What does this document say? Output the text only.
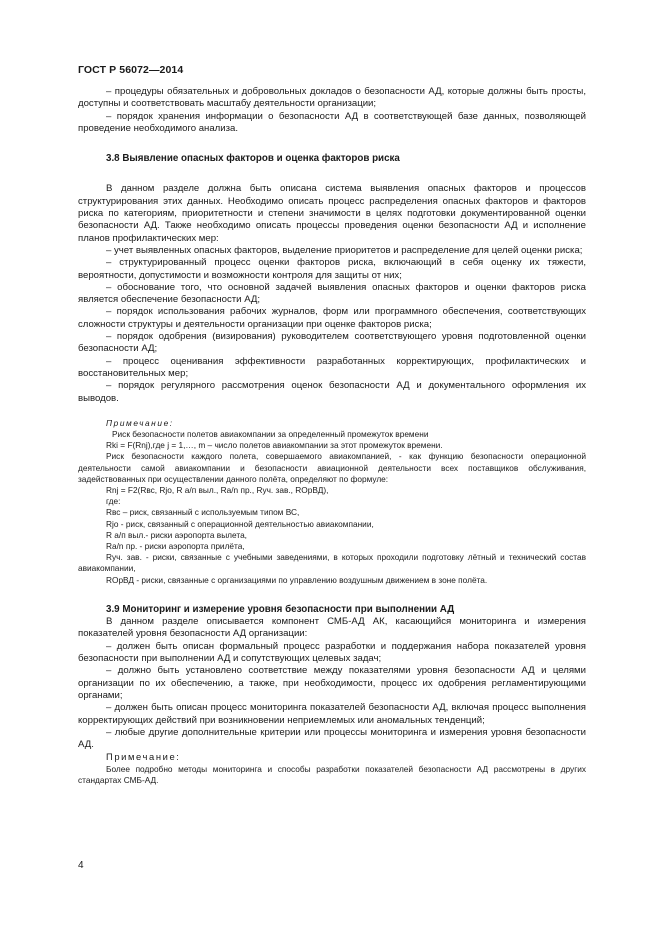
ГОСТ Р 56072—2014

– процедуры обязательных и добровольных докладов о безопасности АД, которые должны быть просты, доступны и соответствовать масштабу деятельности организации;

– порядок хранения информации о безопасности АД в соответствующей базе данных, позволяющей проведение необходимого анализа.

3.8 Выявление опасных факторов и оценка факторов риска

В данном разделе должна быть описана система выявления опасных факторов и процессов структурирования этих данных. Необходимо описать процесс распределения опасных факторов и факторов риска по категориям, приоритетности и степени значимости в целях подготовки документированной оценки безопасности АД. Также необходимо описать процессы проведения оценки безопасности АД и исполнение планов профилактических мер:

– учет выявленных опасных факторов, выделение приоритетов и распределение для целей оценки риска;

– структурированный процесс оценки факторов риска, включающий в себя оценку их тяжести, вероятности, допустимости и возможности контроля для защиты от них;

– обоснование того, что основной задачей выявления опасных факторов и оценки факторов риска является обеспечение безопасности АД;

– порядок использования рабочих журналов, форм или программного обеспечения, соответствующих сложности структуры и деятельности организации при оценке факторов риска;

– порядок одобрения (визирования) руководителем соответствующего уровня подготовленной оценки безопасности АД;

– процесс оценивания эффективности разработанных корректирующих, профилактических и восстановительных мер;

– порядок регулярного рассмотрения оценок безопасности АД и документального оформления их выводов.

Примечание:

Риск безопасности полетов авиакомпании за определенный промежуток времени

Rki = F(Rnj),где j = 1,…, m – число полетов авиакомпании за этот промежуток времени.

Риск безопасности каждого полета, совершаемого авиакомпанией, - как функцию безопасности операционной деятельности самой авиакомпании и безопасности авиационной деятельности всех поставщиков обслуживания, задействованных при осуществлении данного полёта, определяют по формуле:

Rnj = F2(Rвс, Rjo, R а/п выл., Ra/n пр., Rуч. зав., ROрВД),

где:

Rвс – риск, связанный с используемым типом ВС,

Rjo - риск, связанный с операционной деятельностью авиакомпании,

R а/п выл.- риски аэропорта вылета,

Ra/n пр. - риски аэропорта прилёта,

Rуч. зав. - риски, связанные с учебными заведениями, в которых проходили подготовку лётный и технический состав авиакомпании,

ROрВД - риски, связанные с организациями по управлению воздушным движением в зоне полёта.

3.9 Мониторинг и измерение уровня безопасности при выполнении АД

В данном разделе описывается компонент СМБ-АД АК, касающийся мониторинга и измерения показателей уровня безопасности АД организации:

– должен быть описан формальный процесс разработки и поддержания набора показателей уровня безопасности при выполнении АД и сопутствующих целевых задач;

– должно быть установлено соответствие между показателями уровня безопасности АД и целями организации по их обеспечению, а также, при необходимости, процесс их одобрения регламентирующими органами;

– должен быть описан процесс мониторинга показателей безопасности АД, включая процесс выполнения корректирующих действий при возникновении неприемлемых или аномальных тенденций;

– любые другие дополнительные критерии или процессы мониторинга и измерения уровня безопасности АД.

Примечание:

Более подробно методы мониторинга и способы разработки показателей безопасности АД рассмотрены в других стандартах СМБ-АД.

4
